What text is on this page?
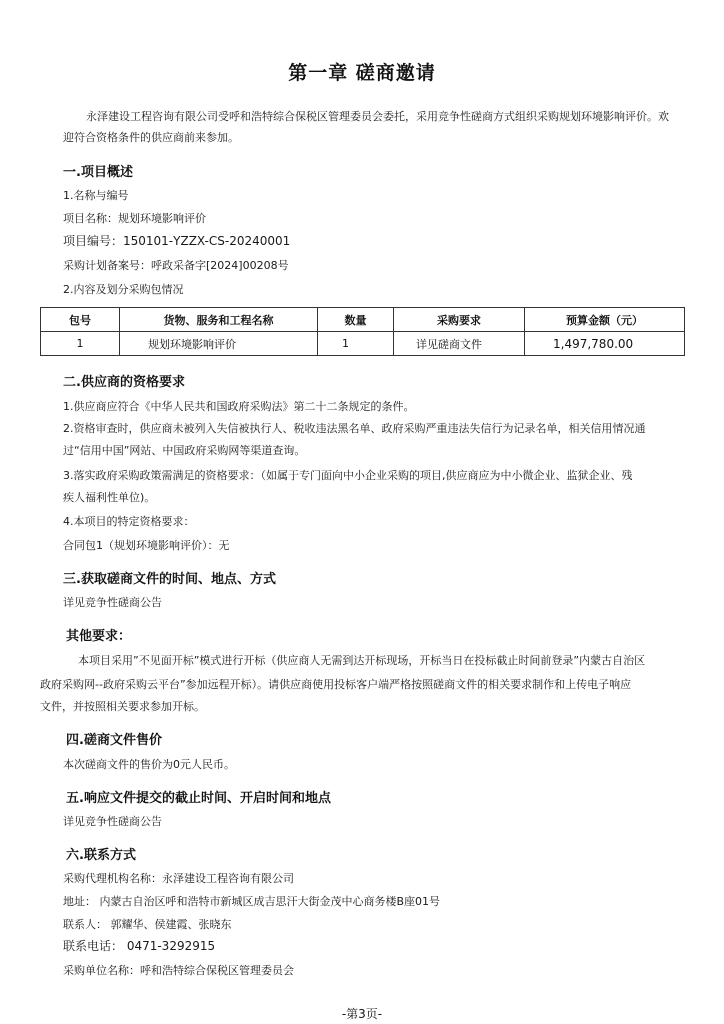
第一章 磋商邀请
永泽建设工程咨询有限公司受呼和浩特综合保税区管理委员会委托，采用竞争性磋商方式组织采购规划环境影响评价。欢
迎符合资格条件的供应商前来参加。
一.项目概述
1.名称与编号
项目名称：规划环境影响评价
项目编号：150101-YZZX-CS-20240001
采购计划备案号：呼政采备字[2024]00208号
2.内容及划分采购包情况
包号	货物、服务和工程名称	数量	采购要求	预算金额（元）
1	规划环境影响评价	1	详见磋商文件	1,497,780.00
二.供应商的资格要求
1.供应商应符合《中华人民共和国政府采购法》第二十二条规定的条件。
2.资格审查时，供应商未被列入失信被执行人、税收违法黑名单、政府采购严重违法失信行为记录名单，相关信用情况通
过“信用中国”网站、中国政府采购网等渠道查询。
3.落实政府采购政策需满足的资格要求：（如属于专门面向中小企业采购的项目,供应商应为中小微企业、监狱企业、残
疾人福利性单位)。
4.本项目的特定资格要求：
合同包1（规划环境影响评价）：无
三.获取磋商文件的时间、地点、方式
详见竞争性磋商公告
其他要求：
本项目采用”不见面开标”模式进行开标（供应商人无需到达开标现场，开标当日在投标截止时间前登录”内蒙古自治区
政府采购网--政府采购云平台”参加远程开标）。请供应商使用投标客户端严格按照磋商文件的相关要求制作和上传电子响应
文件，并按照相关要求参加开标。
四.磋商文件售价
本次磋商文件的售价为0元人民币。
五.响应文件提交的截止时间、开启时间和地点
详见竞争性磋商公告
六.联系方式
采购代理机构名称：永泽建设工程咨询有限公司
地址： 内蒙古自治区呼和浩特市新城区成吉思汗大街金茂中心商务楼B座01号
联系人： 郭耀华、侯建霞、张晓东
联系电话： 0471-3292915
采购单位名称：呼和浩特综合保税区管理委员会
-第3页-
